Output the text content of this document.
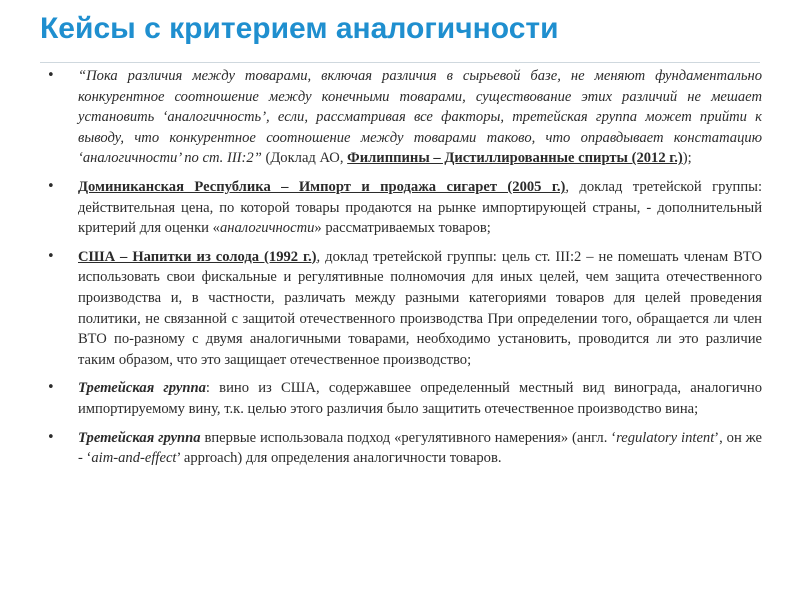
Кейсы с критерием аналогичности
• “Пока различия между товарами, включая различия в сырьевой базе, не меняют фундаментально конкурентное соотношение между конечными товарами, существование этих различий не мешает установить ‘аналогичность’, если, рассматривая все факторы, третейская группа может прийти к выводу, что конкурентное соотношение между товарами таково, что оправдывает констатацию ‘аналогичности’ по ст. III:2” (Доклад АО, Филиппины – Дистиллированные спирты (2012 г.));
• Доминиканская Республика – Импорт и продажа сигарет (2005 г.), доклад третейской группы: действительная цена, по которой товары продаются на рынке импортирующей страны, - дополнительный критерий для оценки «аналогичности» рассматриваемых товаров;
• США – Напитки из солода (1992 г.), доклад третейской группы: цель ст. III:2 – не помешать членам ВТО использовать свои фискальные и регулятивные полномочия для иных целей, чем защита отечественного производства и, в частности, различать между разными категориями товаров для целей проведения политики, не связанной с защитой отечественного производства При определении того, обращается ли член ВТО по-разному с двумя аналогичными товарами, необходимо установить, проводится ли это различие таким образом, что это защищает отечественное производство;
• Третейская группа: вино из США, содержавшее определенный местный вид винограда, аналогично импортируемому вину, т.к. целью этого различия было защитить отечественное производство вина;
• Третейская группа впервые использовала подход «регулятивного намерения» (англ. ‘regulatory intent’, он же - ‘aim-and-effect’ approach) для определения аналогичности товаров.
